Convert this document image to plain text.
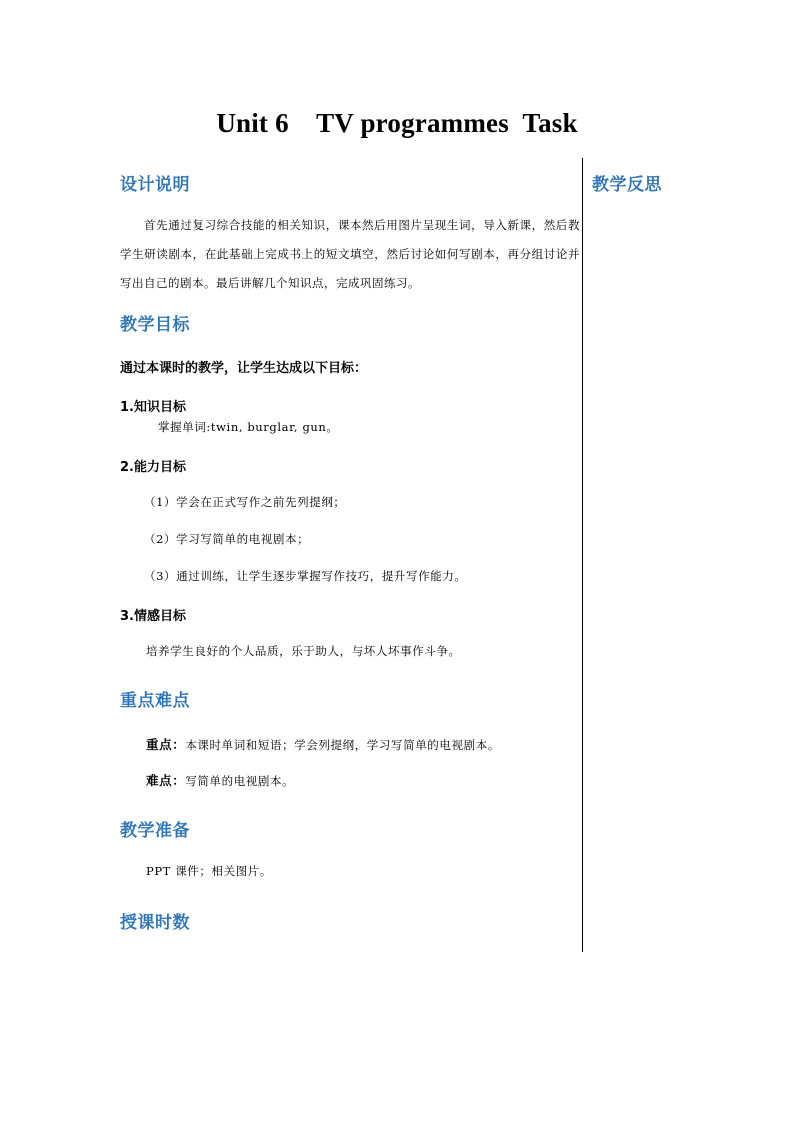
Unit 6    TV programmes  Task
教学反思
设计说明
首先通过复习综合技能的相关知识，课本然后用图片呈现生词，导入新课，然后教学生研读剧本，在此基础上完成书上的短文填空，然后讨论如何写剧本，再分组讨论并写出自己的剧本。最后讲解几个知识点，完成巩固练习。
教学目标
通过本课时的教学，让学生达成以下目标：
1.知识目标
掌握单词:twin, burglar, gun。
2.能力目标
（1）学会在正式写作之前先列提纲；
（2）学习写简单的电视剧本；
（3）通过训练，让学生逐步掌握写作技巧，提升写作能力。
3.情感目标
培养学生良好的个人品质，乐于助人，与坏人坏事作斗争。
重点难点
重点：本课时单词和短语；学会列提纲，学习写简单的电视剧本。
难点：写简单的电视剧本。
教学准备
PPT 课件；相关图片。
授课时数
